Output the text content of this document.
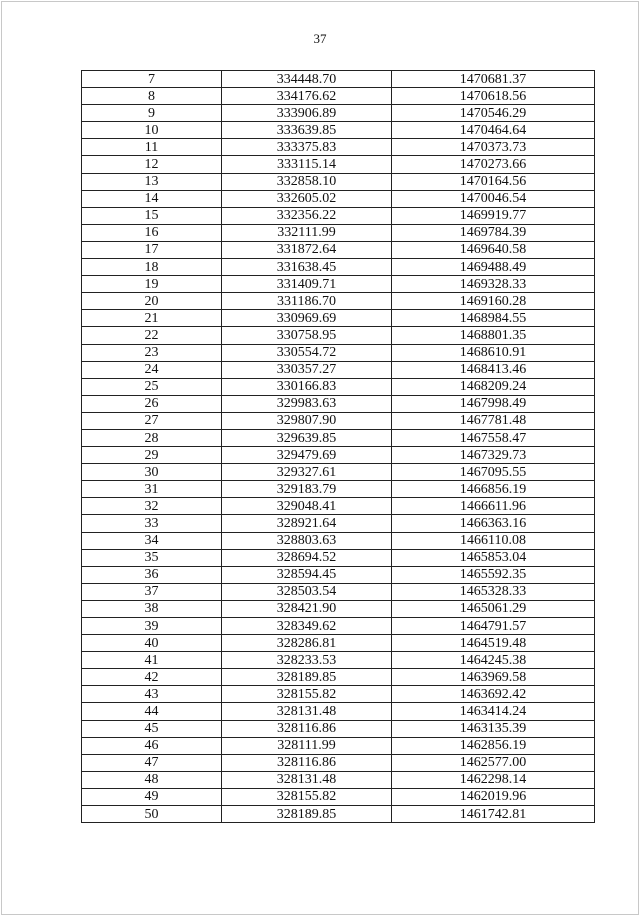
37
7	334448.70	1470681.37
8	334176.62	1470618.56
9	333906.89	1470546.29
10	333639.85	1470464.64
11	333375.83	1470373.73
12	333115.14	1470273.66
13	332858.10	1470164.56
14	332605.02	1470046.54
15	332356.22	1469919.77
16	332111.99	1469784.39
17	331872.64	1469640.58
18	331638.45	1469488.49
19	331409.71	1469328.33
20	331186.70	1469160.28
21	330969.69	1468984.55
22	330758.95	1468801.35
23	330554.72	1468610.91
24	330357.27	1468413.46
25	330166.83	1468209.24
26	329983.63	1467998.49
27	329807.90	1467781.48
28	329639.85	1467558.47
29	329479.69	1467329.73
30	329327.61	1467095.55
31	329183.79	1466856.19
32	329048.41	1466611.96
33	328921.64	1466363.16
34	328803.63	1466110.08
35	328694.52	1465853.04
36	328594.45	1465592.35
37	328503.54	1465328.33
38	328421.90	1465061.29
39	328349.62	1464791.57
40	328286.81	1464519.48
41	328233.53	1464245.38
42	328189.85	1463969.58
43	328155.82	1463692.42
44	328131.48	1463414.24
45	328116.86	1463135.39
46	328111.99	1462856.19
47	328116.86	1462577.00
48	328131.48	1462298.14
49	328155.82	1462019.96
50	328189.85	1461742.81
